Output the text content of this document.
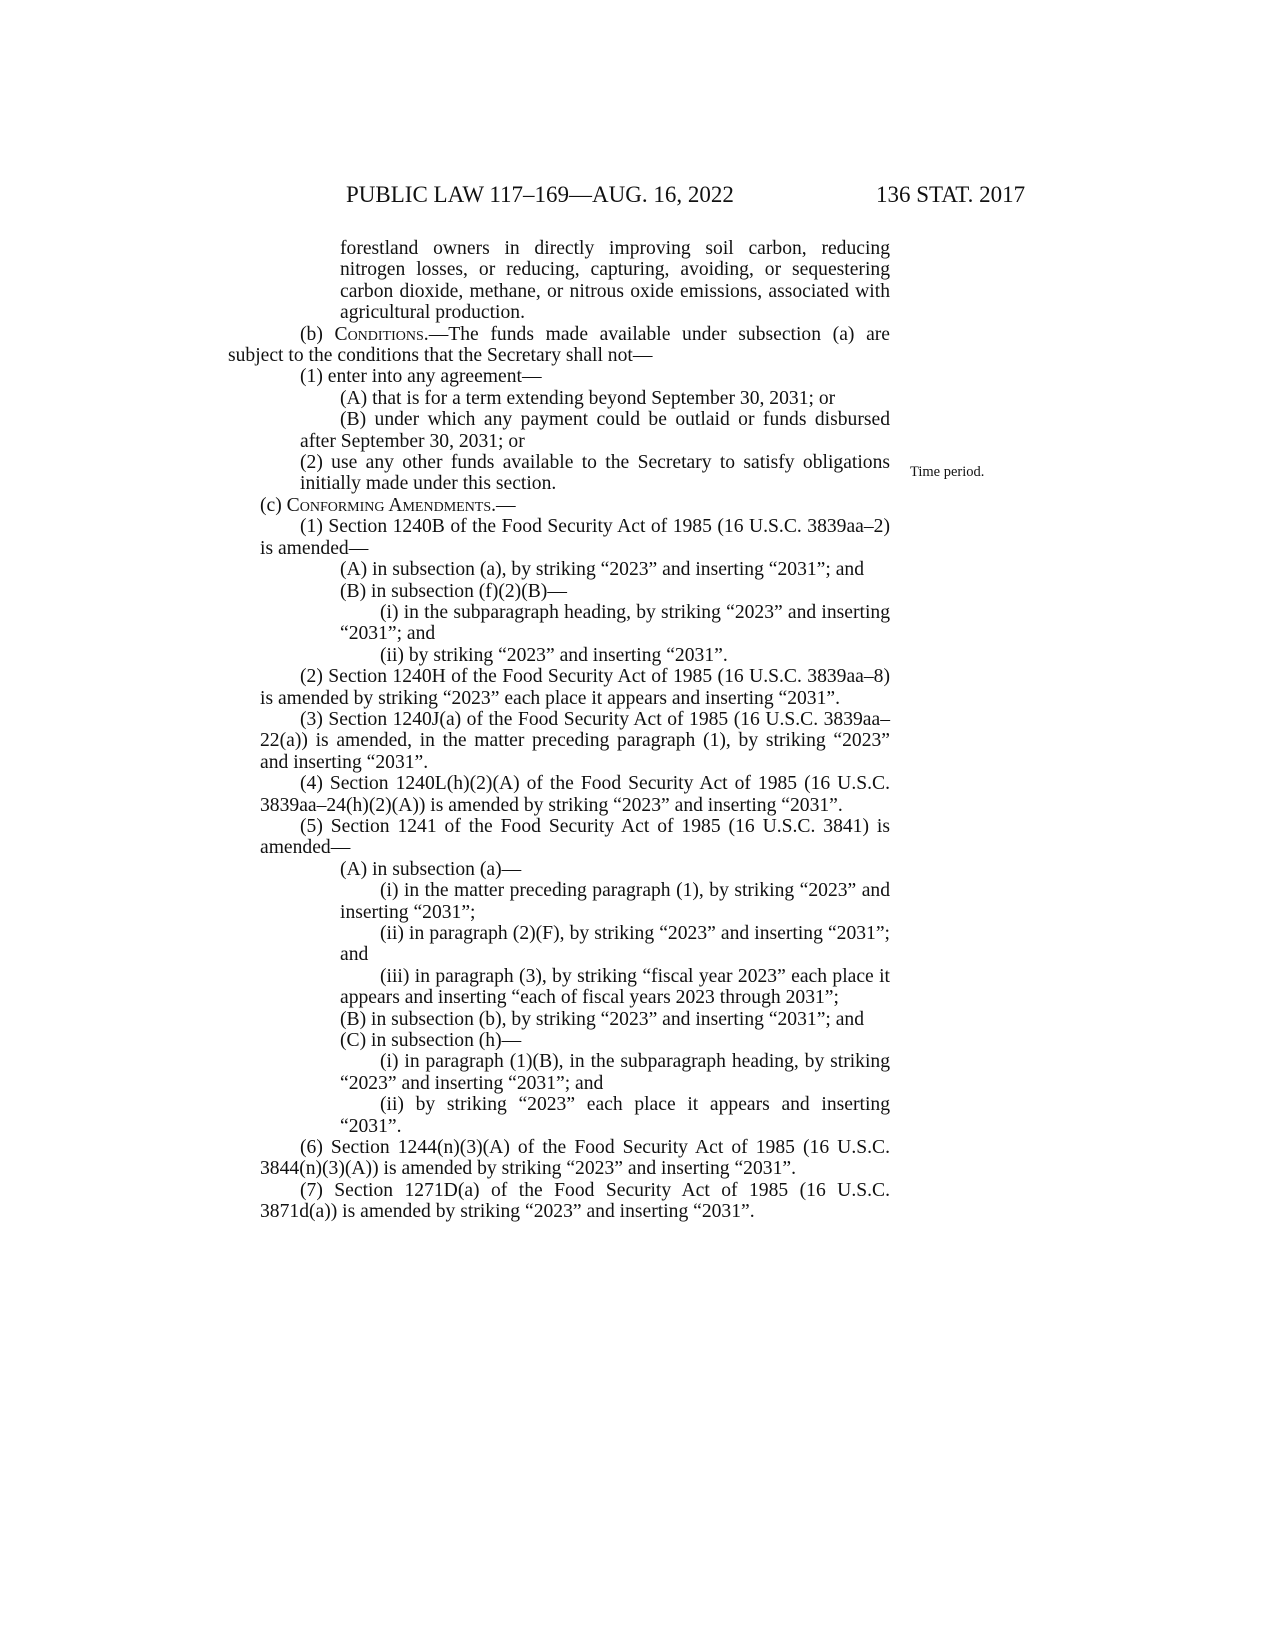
PUBLIC LAW 117–169—AUG. 16, 2022	136 STAT. 2017
Time period.

forestland owners in directly improving soil carbon, reducing nitrogen losses, or reducing, capturing, avoiding, or sequestering carbon dioxide, methane, or nitrous oxide emissions, associated with agricultural production.

(b) Conditions.—The funds made available under subsection (a) are subject to the conditions that the Secretary shall not—

(1) enter into any agreement—

(A) that is for a term extending beyond September 30, 2031; or

(B) under which any payment could be outlaid or funds disbursed after September 30, 2031; or

(2) use any other funds available to the Secretary to satisfy obligations initially made under this section.

(c) Conforming Amendments.—

(1) Section 1240B of the Food Security Act of 1985 (16 U.S.C. 3839aa–2) is amended—

(A) in subsection (a), by striking “2023” and inserting “2031”; and

(B) in subsection (f)(2)(B)—

(i) in the subparagraph heading, by striking “2023” and inserting “2031”; and

(ii) by striking “2023” and inserting “2031”.

(2) Section 1240H of the Food Security Act of 1985 (16 U.S.C. 3839aa–8) is amended by striking “2023” each place it appears and inserting “2031”.

(3) Section 1240J(a) of the Food Security Act of 1985 (16 U.S.C. 3839aa–22(a)) is amended, in the matter preceding paragraph (1), by striking “2023” and inserting “2031”.

(4) Section 1240L(h)(2)(A) of the Food Security Act of 1985 (16 U.S.C. 3839aa–24(h)(2)(A)) is amended by striking “2023” and inserting “2031”.

(5) Section 1241 of the Food Security Act of 1985 (16 U.S.C. 3841) is amended—

(A) in subsection (a)—

(i) in the matter preceding paragraph (1), by striking “2023” and inserting “2031”;

(ii) in paragraph (2)(F), by striking “2023” and inserting “2031”; and

(iii) in paragraph (3), by striking “fiscal year 2023” each place it appears and inserting “each of fiscal years 2023 through 2031”;

(B) in subsection (b), by striking “2023” and inserting “2031”; and

(C) in subsection (h)—

(i) in paragraph (1)(B), in the subparagraph heading, by striking “2023” and inserting “2031”; and

(ii) by striking “2023” each place it appears and inserting “2031”.

(6) Section 1244(n)(3)(A) of the Food Security Act of 1985 (16 U.S.C. 3844(n)(3)(A)) is amended by striking “2023” and inserting “2031”.

(7) Section 1271D(a) of the Food Security Act of 1985 (16 U.S.C. 3871d(a)) is amended by striking “2023” and inserting “2031”.
